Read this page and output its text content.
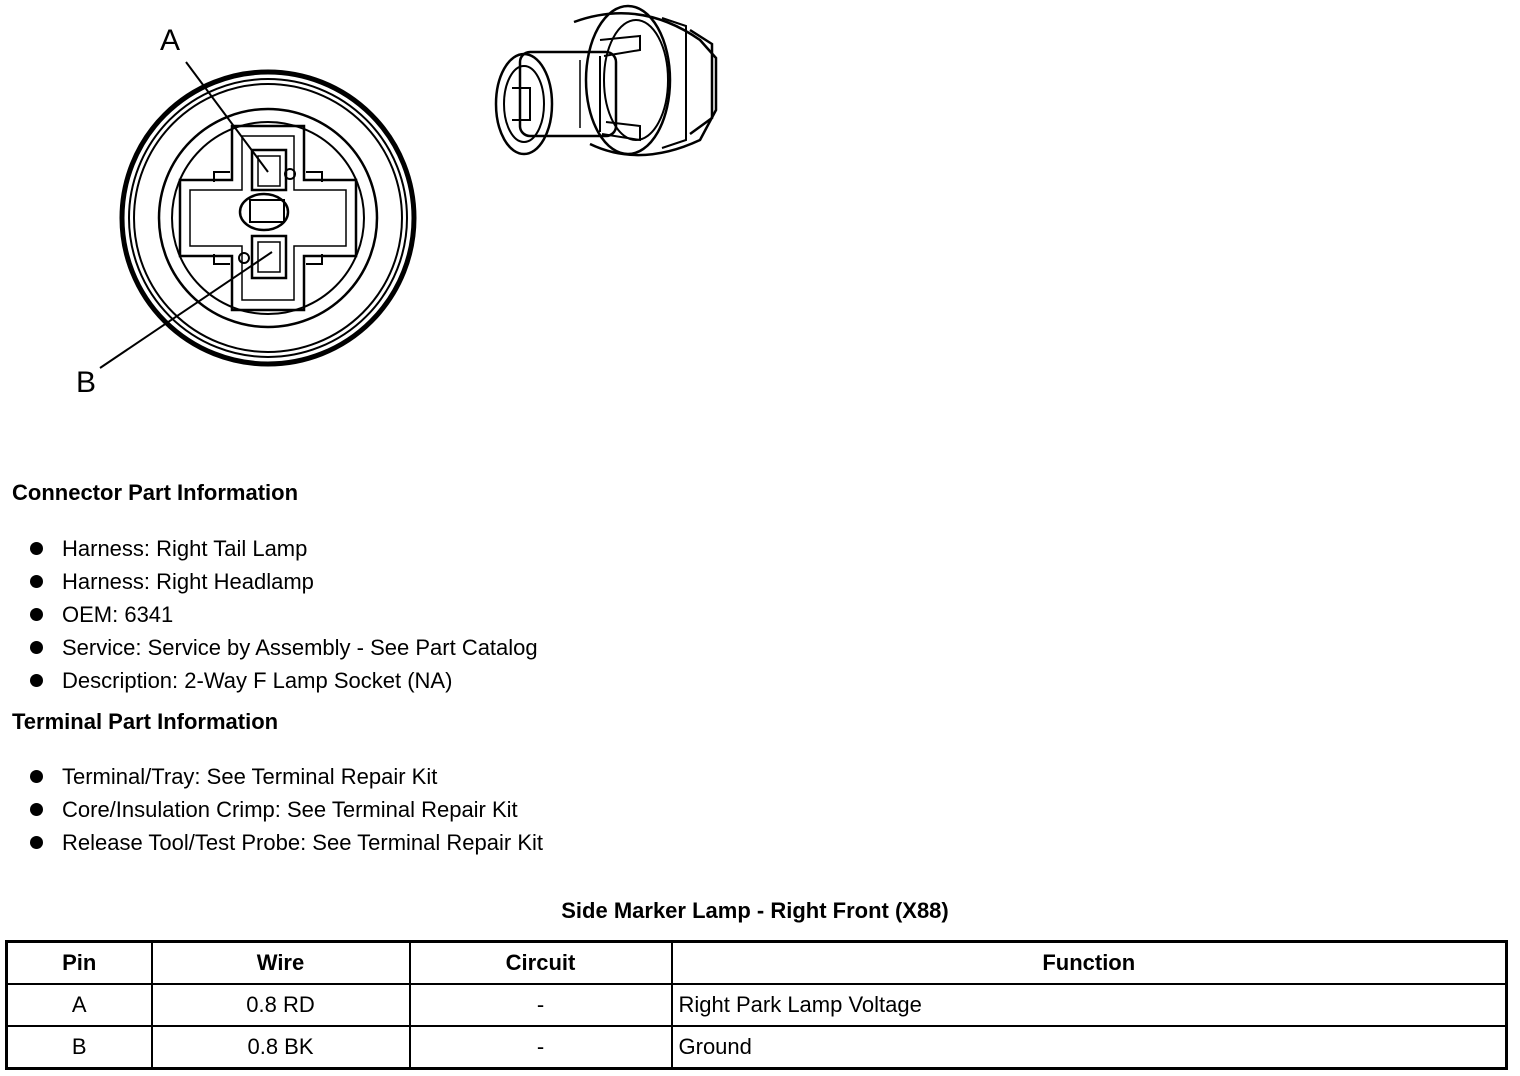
A
B
Connector Part Information
Harness: Right Tail Lamp
Harness: Right Headlamp
OEM: 6341
Service: Service by Assembly - See Part Catalog
Description: 2-Way F Lamp Socket (NA)
Terminal Part Information
Terminal/Tray: See Terminal Repair Kit
Core/Insulation Crimp: See Terminal Repair Kit
Release Tool/Test Probe: See Terminal Repair Kit
Side Marker Lamp - Right Front (X88)
Pin	Wire	Circuit	Function
A	0.8 RD	-	Right Park Lamp Voltage
B	0.8 BK	-	Ground
